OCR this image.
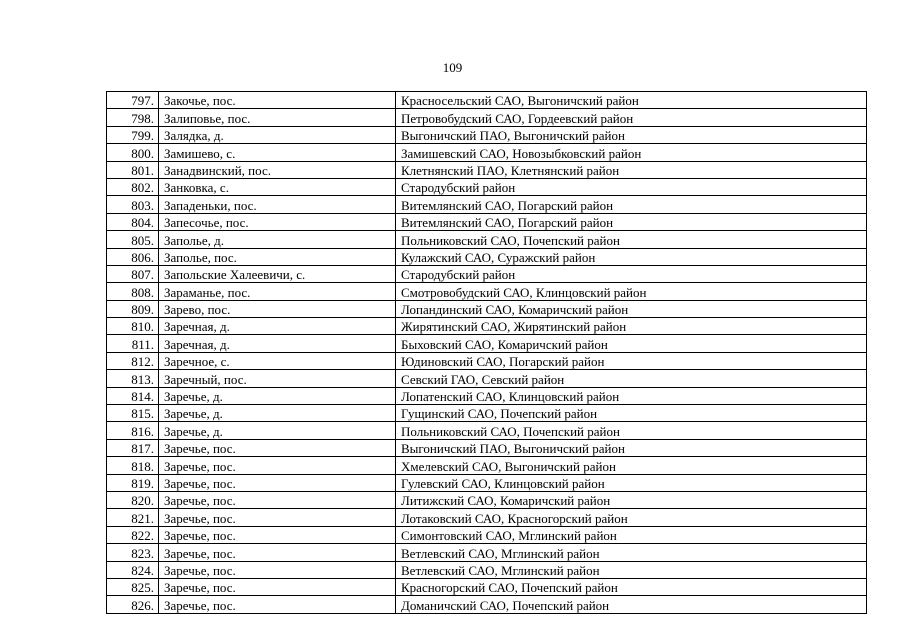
109
797.	Закочье, пос.	Красносельский САО, Выгоничский район
798.	Залиповье, пос.	Петровобудский САО, Гордеевский район
799.	Залядка, д.	Выгоничский ПАО, Выгоничский район
800.	Замишево, с.	Замишевский САО, Новозыбковский район
801.	Занадвинский, пос.	Клетнянский ПАО, Клетнянский район
802.	Занковка, с.	Стародубский район
803.	Западеньки, пос.	Витемлянский САО, Погарский район
804.	Запесочье, пос.	Витемлянский САО, Погарский район
805.	Заполье, д.	Польниковский САО, Почепский район
806.	Заполье, пос.	Кулажский САО, Суражский район
807.	Запольские Халеевичи, с.	Стародубский район
808.	Зараманье, пос.	Смотровобудский САО, Клинцовский район
809.	Зарево, пос.	Лопандинский САО, Комаричский район
810.	Заречная, д.	Жирятинский САО, Жирятинский район
811.	Заречная, д.	Быховский САО, Комаричский район
812.	Заречное, с.	Юдиновский САО, Погарский район
813.	Заречный, пос.	Севский ГАО, Севский район
814.	Заречье, д.	Лопатенский САО, Клинцовский район
815.	Заречье, д.	Гущинский САО, Почепский район
816.	Заречье, д.	Польниковский САО, Почепский район
817.	Заречье, пос.	Выгоничский ПАО, Выгоничский район
818.	Заречье, пос.	Хмелевский САО, Выгоничский район
819.	Заречье, пос.	Гулевский САО, Клинцовский район
820.	Заречье, пос.	Литижский САО, Комаричский район
821.	Заречье, пос.	Лотаковский САО, Красногорский район
822.	Заречье, пос.	Симонтовский САО, Мглинский район
823.	Заречье, пос.	Ветлевский САО, Мглинский район
824.	Заречье, пос.	Ветлевский САО, Мглинский район
825.	Заречье, пос.	Красногорский САО, Почепский район
826.	Заречье, пос.	Доманичский САО, Почепский район
